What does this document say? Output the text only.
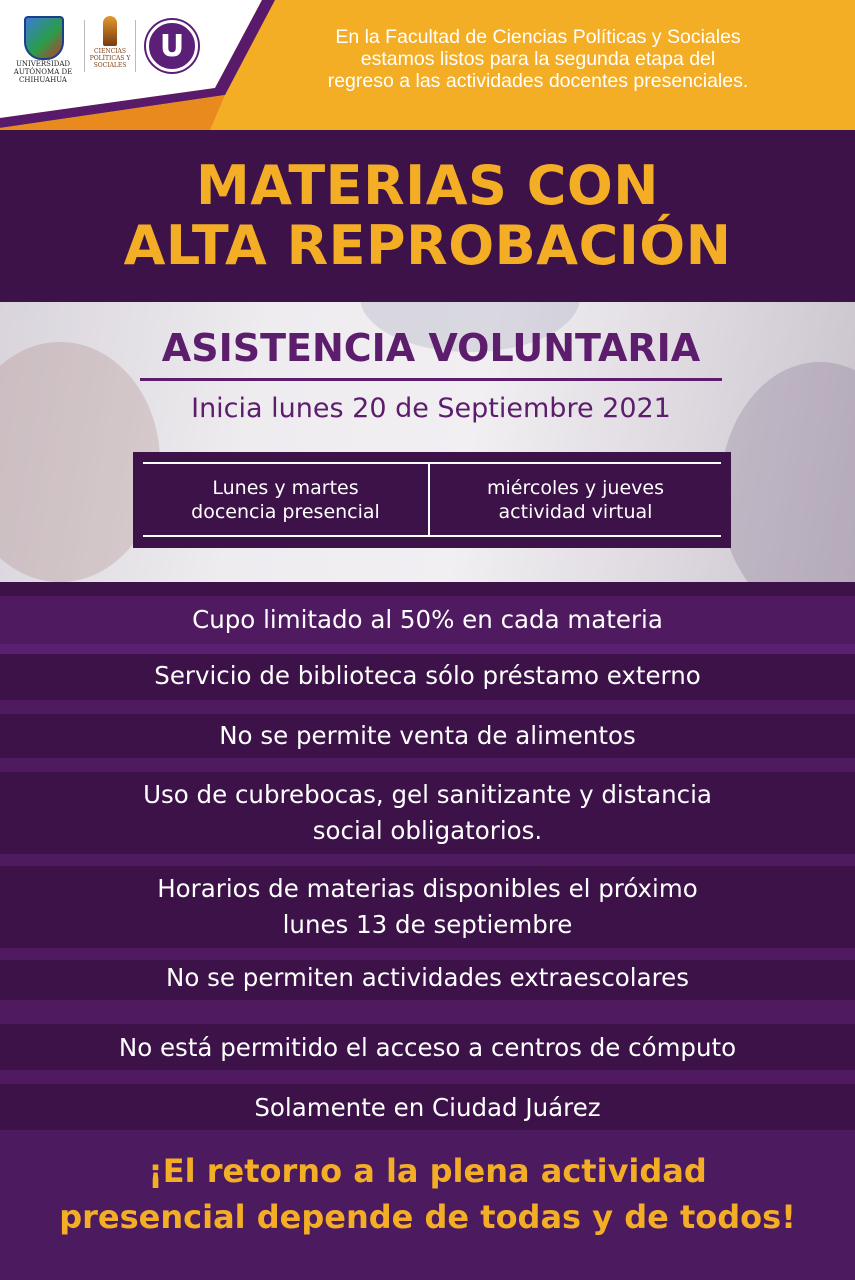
UNIVERSIDAD AUTÓNOMA DE CHIHUAHUA
CIENCIAS POLÍTICAS Y SOCIALES
U	En la Facultad de Ciencias Políticas y Sociales
estamos listos para la segunda etapa del
regreso a las actividades docentes presenciales.
MATERIAS CON
ALTA REPROBACIÓN
ASISTENCIA VOLUNTARIA
Inicia lunes 20 de Septiembre 2021
Lunes y martes
docencia presencial
miércoles y jueves
actividad virtual
Cupo limitado al 50% en cada materia
Servicio de biblioteca sólo préstamo externo
No se permite venta de alimentos
Uso de cubrebocas, gel sanitizante y distancia
social obligatorios.
Horarios de materias disponibles el próximo
lunes 13 de septiembre
No se permiten actividades extraescolares
No está permitido el acceso a centros de cómputo
Solamente en Ciudad Juárez
¡El retorno a la plena actividad
presencial depende de todas y de todos!
